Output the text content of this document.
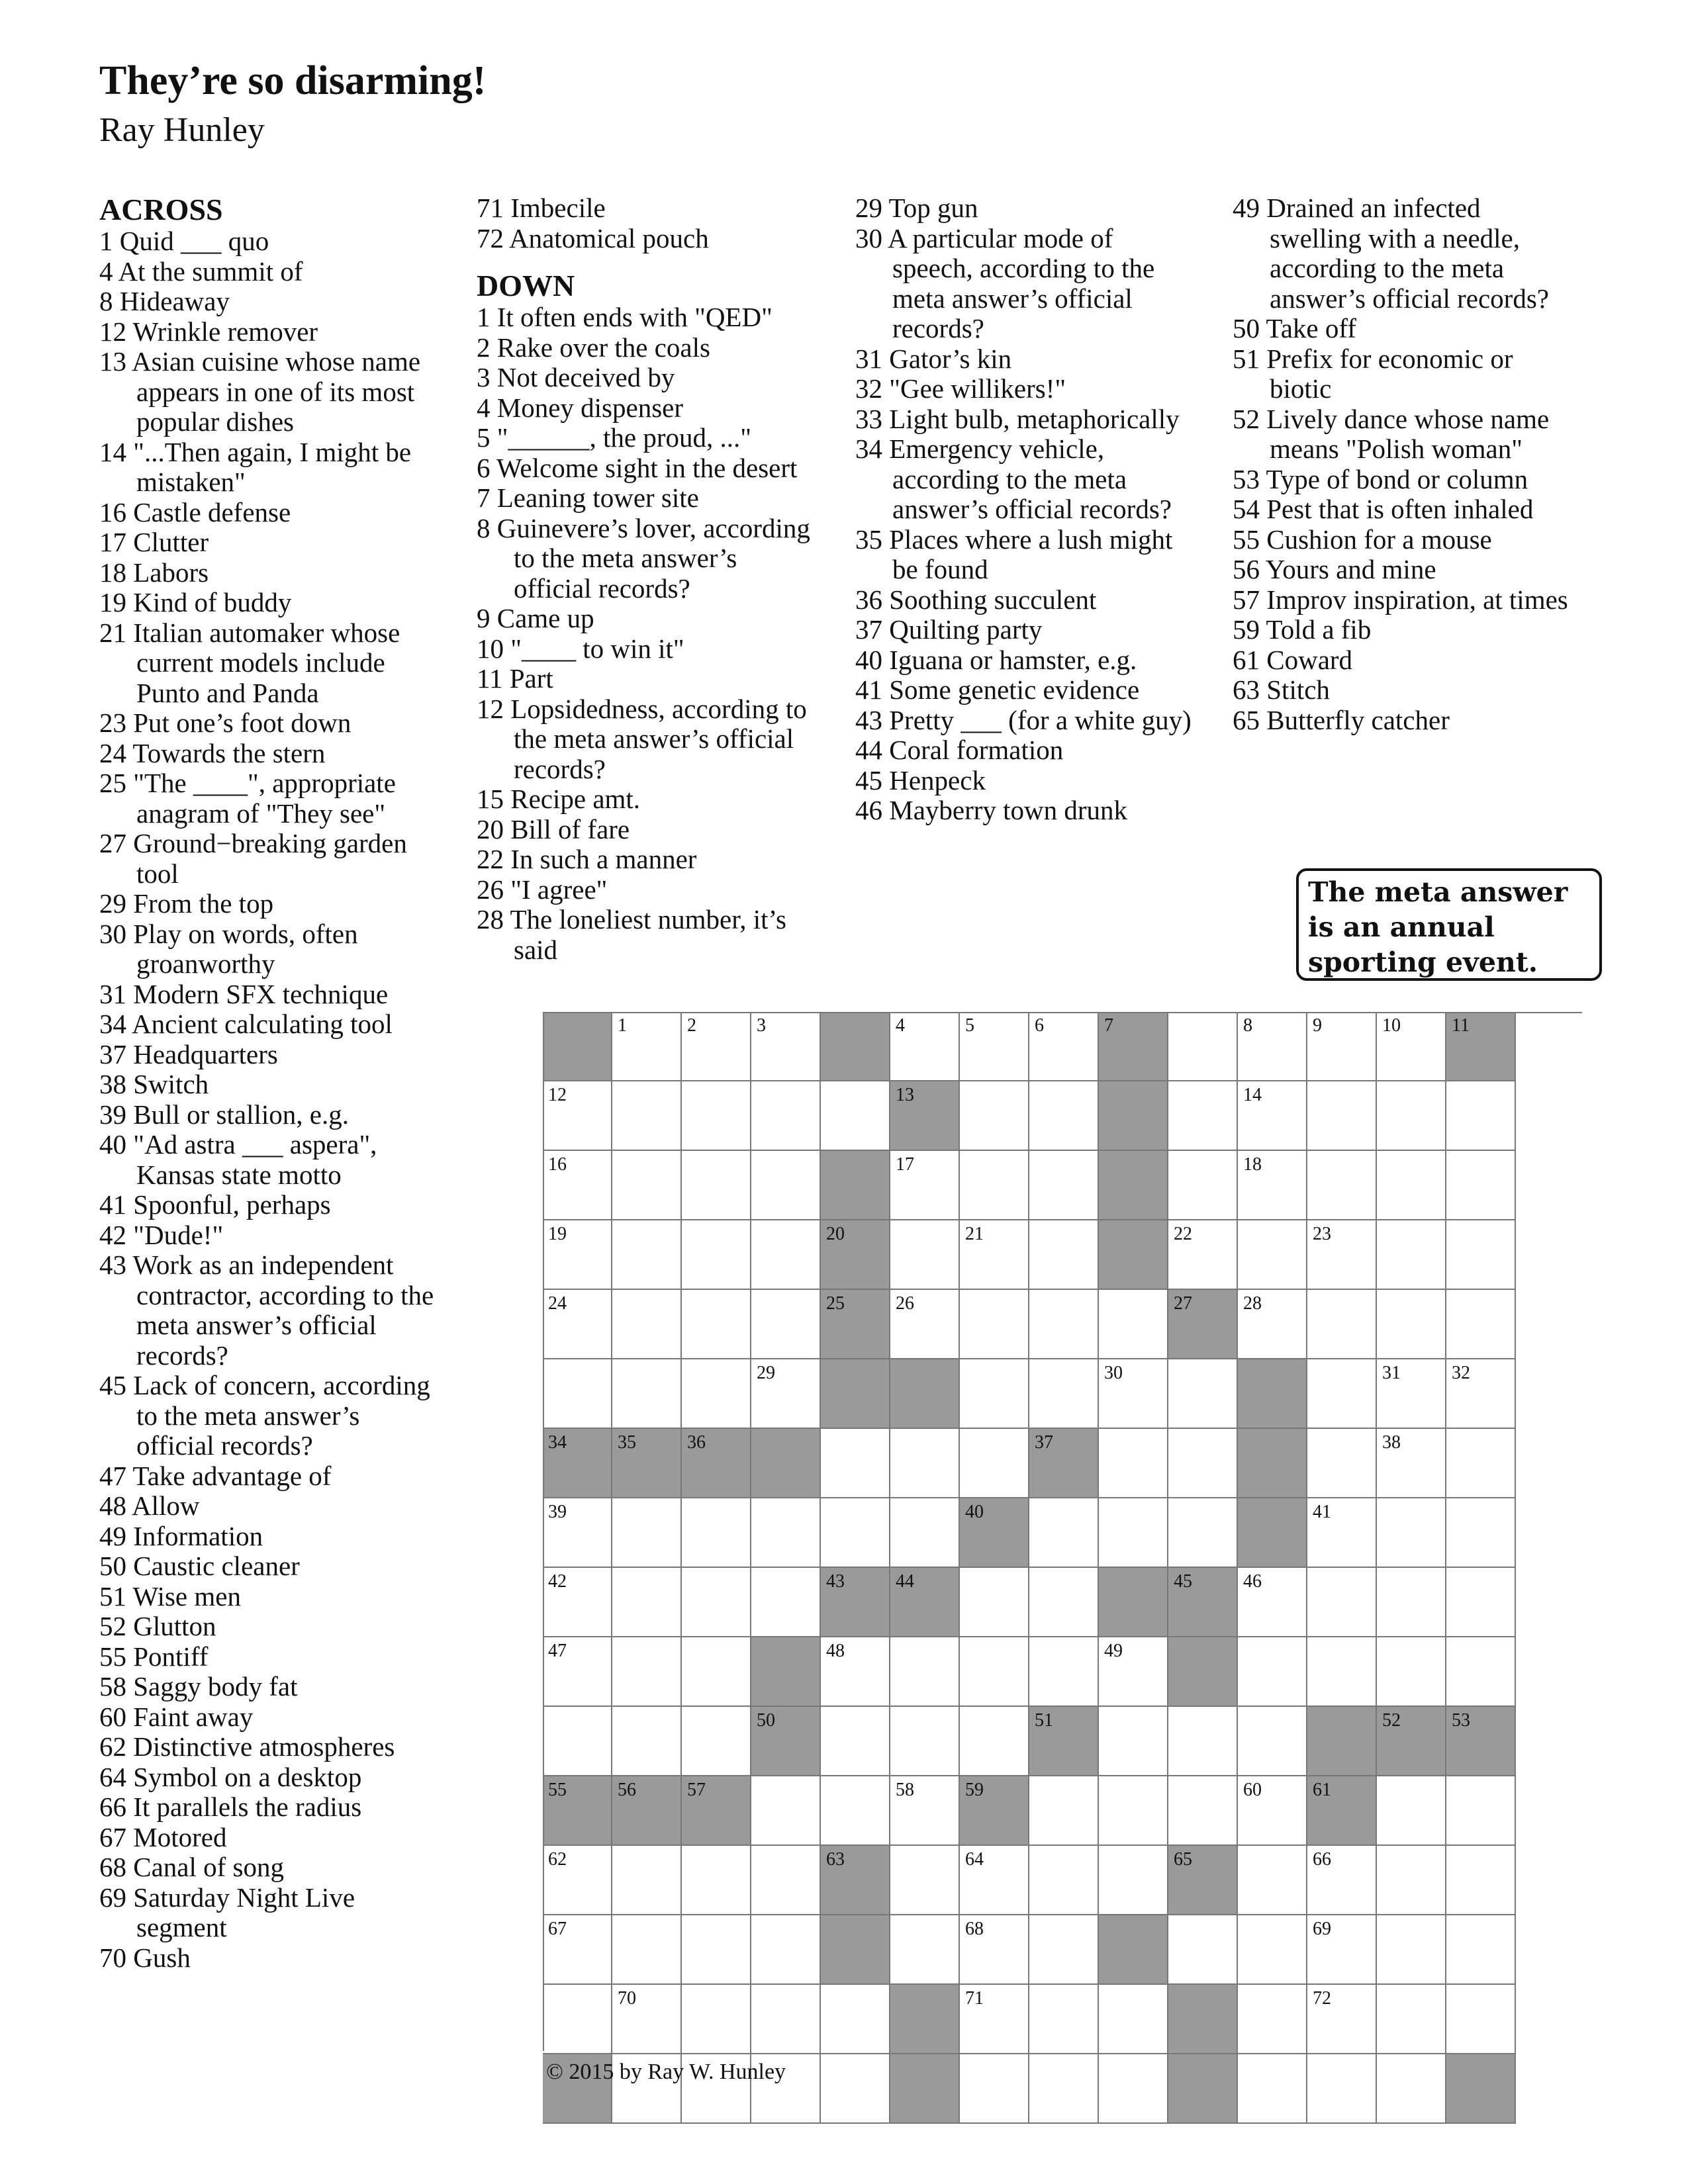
They’re so disarming!
Ray Hunley
ACROSS
1 Quid ___ quo
4 At the summit of
8 Hideaway
12 Wrinkle remover
13 Asian cuisine whose name appears in one of its most popular dishes
14 "...Then again, I might be mistaken"
16 Castle defense
17 Clutter
18 Labors
19 Kind of buddy
21 Italian automaker whose current models include Punto and Panda
23 Put one’s foot down
24 Towards the stern
25 "The ____", appropriate anagram of "They see"
27 Ground−breaking garden tool
29 From the top
30 Play on words, often groanworthy
31 Modern SFX technique
34 Ancient calculating tool
37 Headquarters
38 Switch
39 Bull or stallion, e.g.
40 "Ad astra ___ aspera", Kansas state motto
41 Spoonful, perhaps
42 "Dude!"
43 Work as an independent contractor, according to the meta answer’s official records?
45 Lack of concern, according to the meta answer’s official records?
47 Take advantage of
48 Allow
49 Information
50 Caustic cleaner
51 Wise men
52 Glutton
55 Pontiff
58 Saggy body fat
60 Faint away
62 Distinctive atmospheres
64 Symbol on a desktop
66 It parallels the radius
67 Motored
68 Canal of song
69 Saturday Night Live segment
70 Gush
71 Imbecile
72 Anatomical pouch
DOWN
1 It often ends with "QED"
2 Rake over the coals
3 Not deceived by
4 Money dispenser
5 "______, the proud, ..."
6 Welcome sight in the desert
7 Leaning tower site
8 Guinevere’s lover, according to the meta answer’s official records?
9 Came up
10 "____ to win it"
11 Part
12 Lopsidedness, according to the meta answer’s official records?
15 Recipe amt.
20 Bill of fare
22 In such a manner
26 "I agree"
28 The loneliest number, it’s said
29 Top gun
30 A particular mode of speech, according to the meta answer’s official records?
31 Gator’s kin
32 "Gee willikers!"
33 Light bulb, metaphorically
34 Emergency vehicle, according to the meta answer’s official records?
35 Places where a lush might be found
36 Soothing succulent
37 Quilting party
40 Iguana or hamster, e.g.
41 Some genetic evidence
43 Pretty ___ (for a white guy)
44 Coral formation
45 Henpeck
46 Mayberry town drunk
49 Drained an infected swelling with a needle, according to the meta answer’s official records?
50 Take off
51 Prefix for economic or biotic
52 Lively dance whose name means "Polish woman"
53 Type of bond or column
54 Pest that is often inhaled
55 Cushion for a mouse
56 Yours and mine
57 Improv inspiration, at times
59 Told a fib
61 Coward
63 Stitch
65 Butterfly catcher
The meta answer is an annual sporting event.
1	2	3	4	5	6	7	8	9	10	11
12	13	14
16	17	18
19	20	21	22	23
24	25	26	27	28
29	30	31	32
34	35	36	37	38
39	40	41
42	43	44	45	46
47	48	49
50	51	52	53
55	56	57	58	59	60	61
62	63	64	65	66
67	68	69
70	71	72
© 2015 by Ray W. Hunley
